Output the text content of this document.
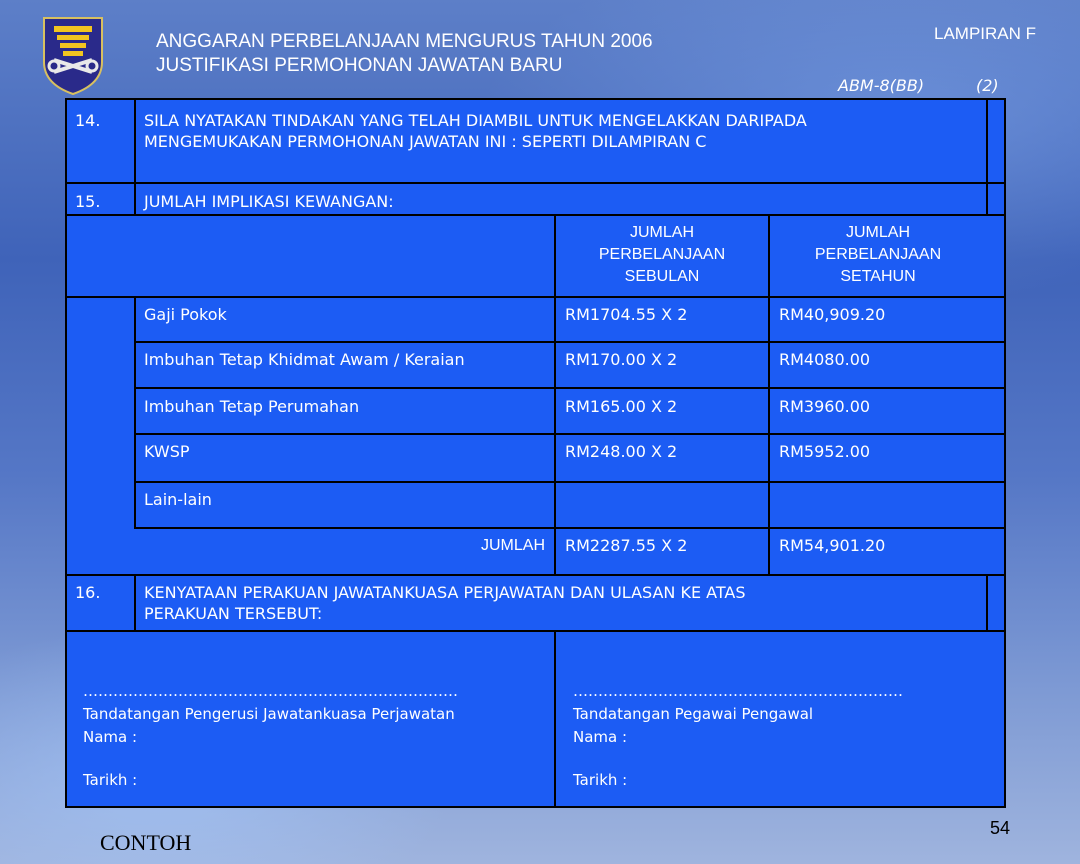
ANGGARAN PERBELANJAAN MENGURUS TAHUN 2006
JUSTIFIKASI PERMOHONAN JAWATAN BARU
LAMPIRAN F
ABM-8(BB)	(2)
14.	SILA NYATAKAN TINDAKAN YANG TELAH DIAMBIL UNTUK MENGELAKKAN DARIPADA
MENGEMUKAKAN PERMOHONAN JAWATAN INI : SEPERTI DILAMPIRAN C
15.	JUMLAH IMPLIKASI KEWANGAN:
JUMLAH
PERBELANJAAN
SEBULAN
JUMLAH
PERBELANJAAN
SETAHUN
Gaji Pokok	RM1704.55 X 2	RM40,909.20
Imbuhan Tetap Khidmat Awam / Keraian	RM170.00 X 2	RM4080.00
Imbuhan Tetap Perumahan	RM165.00 X 2	RM3960.00
KWSP	RM248.00 X 2	RM5952.00
Lain-lain
JUMLAH RM2287.55 X 2	RM54,901.20
16.	KENYATAAN PERAKUAN JAWATANKUASA PERJAWATAN DAN ULASAN KE ATAS
PERAKUAN TERSEBUT:
…………………………………………………………………
Tandatangan Pengerusi Jawatankuasa Perjawatan
Nama :
Tarikh :
…………………………………………………………
Tandatangan Pegawai Pengawal
Nama :
Tarikh :
CONTOH
54
